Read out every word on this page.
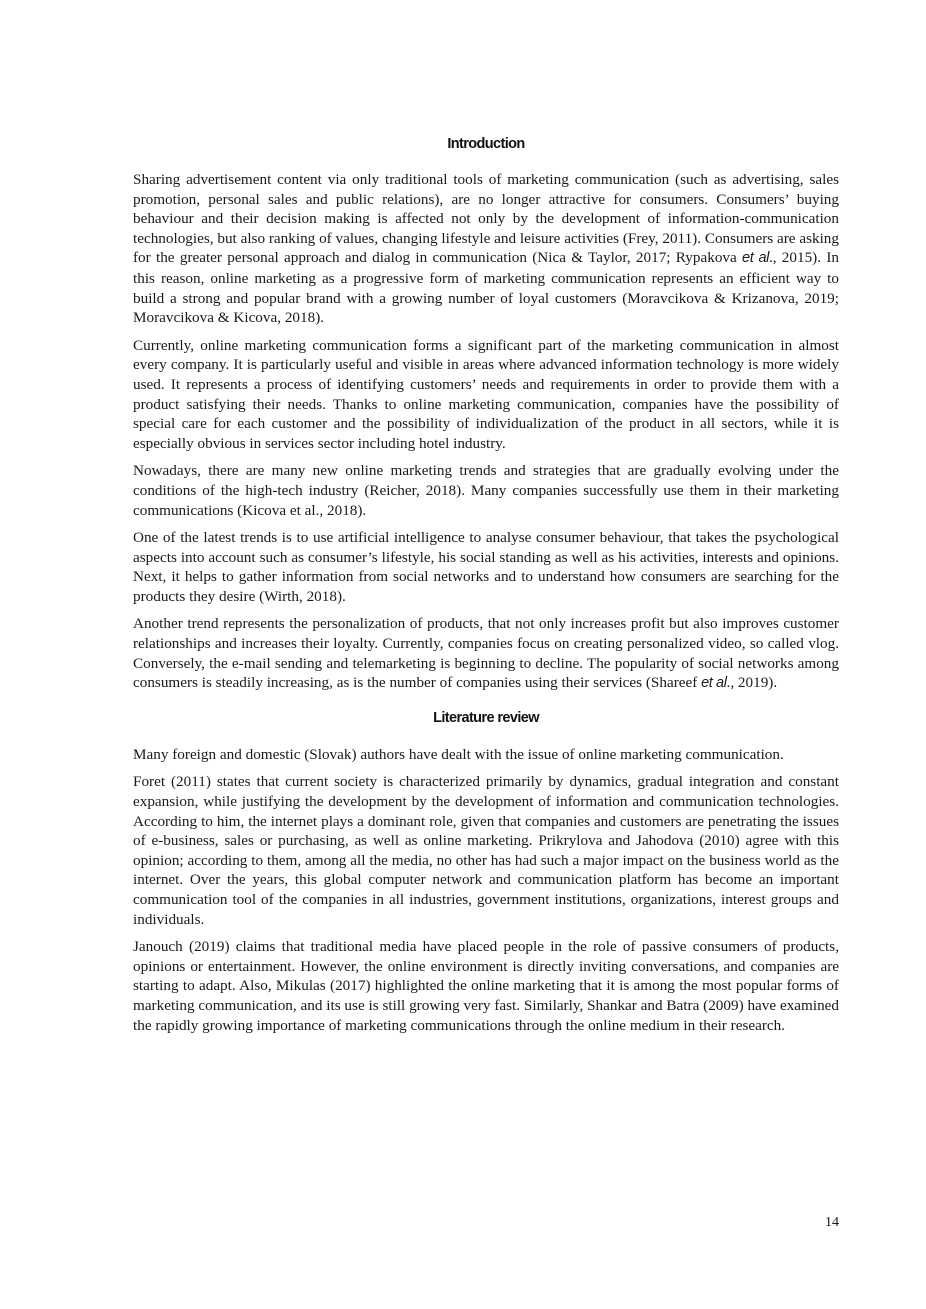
Introduction

Sharing advertisement content via only traditional tools of marketing communication (such as advertising, sales promotion, personal sales and public relations), are no longer attractive for consumers. Consumers’ buying behaviour and their decision making is affected not only by the development of information-communication technologies, but also ranking of values, changing lifestyle and leisure activities (Frey, 2011). Consumers are asking for the greater personal approach and dialog in communication (Nica & Taylor, 2017; Rypakova et al., 2015). In this reason, online marketing as a progressive form of marketing communication represents an efficient way to build a strong and popular brand with a growing number of loyal customers (Moravcikova & Krizanova, 2019; Moravcikova & Kicova, 2018).

Currently, online marketing communication forms a significant part of the marketing communication in almost every company. It is particularly useful and visible in areas where advanced information technology is more widely used. It represents a process of identifying customers’ needs and requirements in order to provide them with a product satisfying their needs. Thanks to online marketing communication, companies have the possibility of special care for each customer and the possibility of individualization of the product in all sectors, while it is especially obvious in services sector including hotel industry.

Nowadays, there are many new online marketing trends and strategies that are gradually evolving under the conditions of the high-tech industry (Reicher, 2018). Many companies successfully use them in their marketing communications (Kicova et al., 2018).

One of the latest trends is to use artificial intelligence to analyse consumer behaviour, that takes the psychological aspects into account such as consumer’s lifestyle, his social standing as well as his activities, interests and opinions. Next, it helps to gather information from social networks and to understand how consumers are searching for the products they desire (Wirth, 2018).

Another trend represents the personalization of products, that not only increases profit but also improves customer relationships and increases their loyalty. Currently, companies focus on creating personalized video, so called vlog. Conversely, the e-mail sending and telemarketing is beginning to decline. The popularity of social networks among consumers is steadily increasing, as is the number of companies using their services (Shareef et al., 2019).

Literature review

Many foreign and domestic (Slovak) authors have dealt with the issue of online marketing communication.

Foret (2011) states that current society is characterized primarily by dynamics, gradual integration and constant expansion, while justifying the development by the development of information and communication technologies. According to him, the internet plays a dominant role, given that companies and customers are penetrating the issues of e-business, sales or purchasing, as well as online marketing. Prikrylova and Jahodova (2010) agree with this opinion; according to them, among all the media, no other has had such a major impact on the business world as the internet. Over the years, this global computer network and communication platform has become an important communication tool of the companies in all industries, government institutions, organizations, interest groups and individuals.

Janouch (2019) claims that traditional media have placed people in the role of passive consumers of products, opinions or entertainment. However, the online environment is directly inviting conversations, and companies are starting to adapt. Also, Mikulas (2017) highlighted the online marketing that it is among the most popular forms of marketing communication, and its use is still growing very fast. Similarly, Shankar and Batra (2009) have examined the rapidly growing importance of marketing communications through the online medium in their research.

14
